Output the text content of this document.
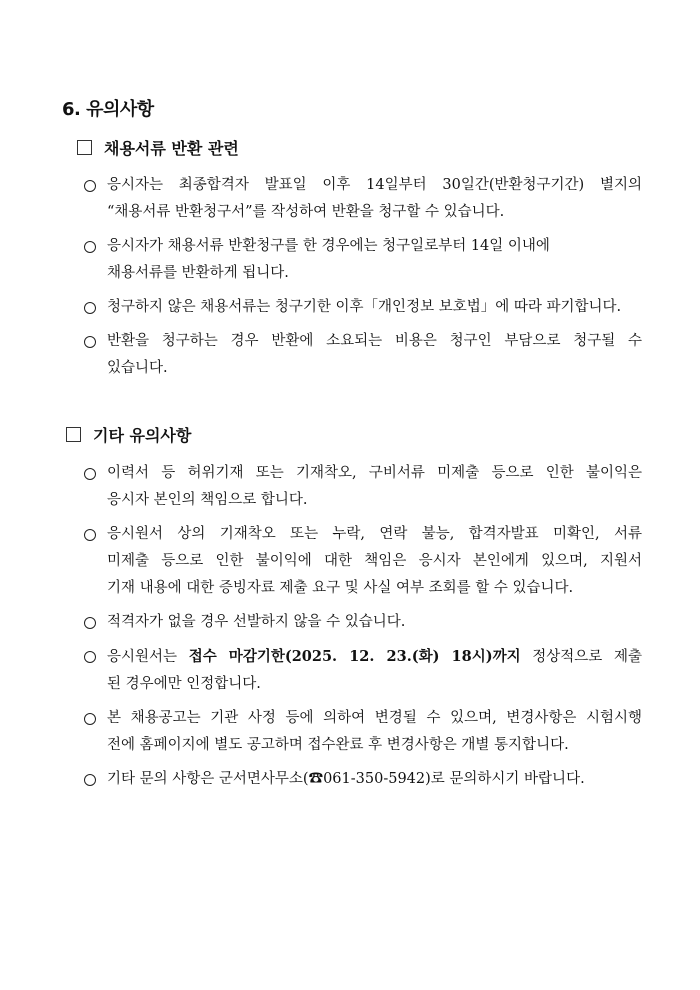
6. 유의사항
채용서류 반환 관련
응시자는 최종합격자 발표일 이후 14일부터 30일간(반환청구기간) 별지의
“채용서류 반환청구서”를 작성하여 반환을 청구할 수 있습니다.
응시자가 채용서류 반환청구를 한 경우에는 청구일로부터 14일 이내에
채용서류를 반환하게 됩니다.
청구하지 않은 채용서류는 청구기한 이후「개인정보 보호법」에 따라 파기합니다.
반환을 청구하는 경우 반환에 소요되는 비용은 청구인 부담으로 청구될 수
있습니다.
기타 유의사항
이력서 등 허위기재 또는 기재착오, 구비서류 미제출 등으로 인한 불이익은
응시자 본인의 책임으로 합니다.
응시원서 상의 기재착오 또는 누락, 연락 불능, 합격자발표 미확인, 서류
미제출 등으로 인한 불이익에 대한 책임은 응시자 본인에게 있으며, 지원서
기재 내용에 대한 증빙자료 제출 요구 및 사실 여부 조회를 할 수 있습니다.
적격자가 없을 경우 선발하지 않을 수 있습니다.
응시원서는 접수 마감기한(2025. 12. 23.(화) 18시)까지 정상적으로 제출
된 경우에만 인정합니다.
본 채용공고는 기관 사정 등에 의하여 변경될 수 있으며, 변경사항은 시험시행
전에 홈페이지에 별도 공고하며 접수완료 후 변경사항은 개별 통지합니다.
기타 문의 사항은 군서면사무소(☎061-350-5942)로 문의하시기 바랍니다.
